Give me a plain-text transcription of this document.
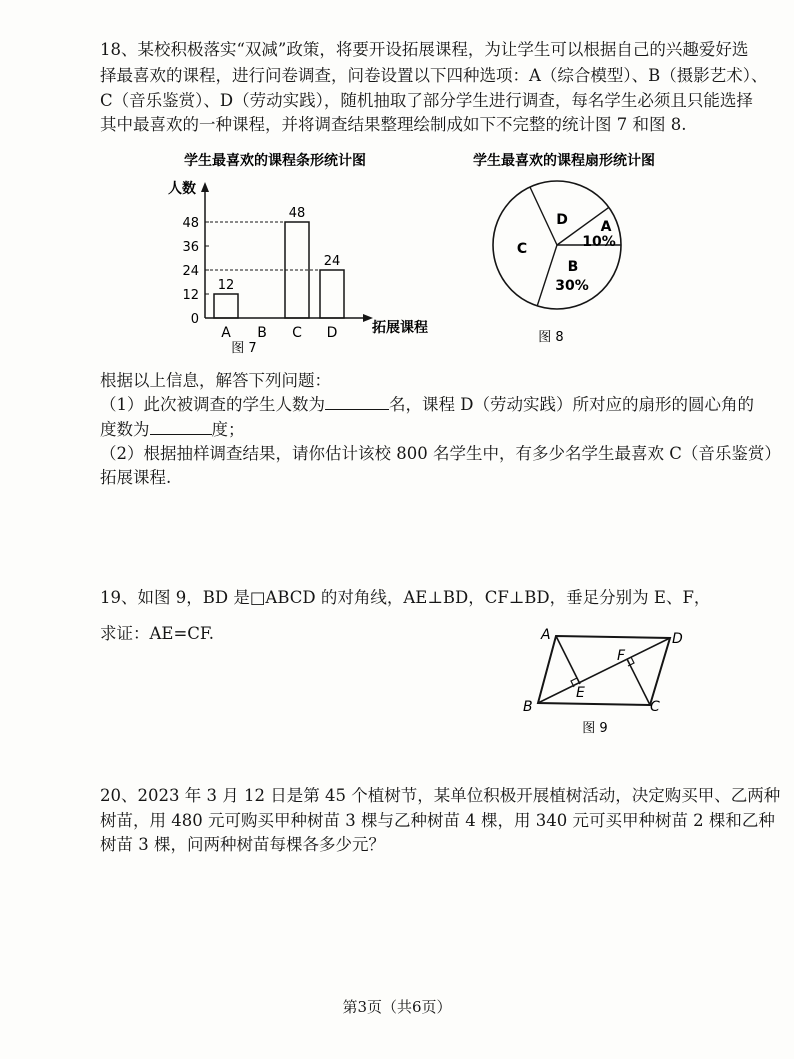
18、某校积极落实“双减”政策，将要开设拓展课程，为让学生可以根据自己的兴趣爱好选
择最喜欢的课程，进行问卷调查，问卷设置以下四种选项：A（综合模型）、B（摄影艺术）、
C（音乐鉴赏）、D（劳动实践），随机抽取了部分学生进行调查，每名学生必须且只能选择
其中最喜欢的一种课程，并将调查结果整理绘制成如下不完整的统计图 7 和图 8.
学生最喜欢的课程条形统计图
人数
拓展课程
0
12
24
36
48
A
12
B C
48
D
24
图 7
学生最喜欢的课程扇形统计图
A
10%
B
30%
C
D
图 8
根据以上信息，解答下列问题：
（1）此次被调查的学生人数为	名，课程 D（劳动实践）所对应的扇形的圆心角的
度数为	度；
（2）根据抽样调查结果，请你估计该校 800 名学生中，有多少名学生最喜欢 C（音乐鉴赏）
拓展课程.
19、如图 9，BD 是□ABCD 的对角线，AE⊥BD，CF⊥BD，垂足分别为 E、F，
求证：AE=CF.	A	D
B	C
E
F
图 9
20、2023 年 3 月 12 日是第 45 个植树节，某单位积极开展植树活动，决定购买甲、乙两种
树苗，用 480 元可购买甲种树苗 3 棵与乙种树苗 4 棵，用 340 元可买甲种树苗 2 棵和乙种
树苗 3 棵，问两种树苗每棵各多少元？
第3页（共6页）
